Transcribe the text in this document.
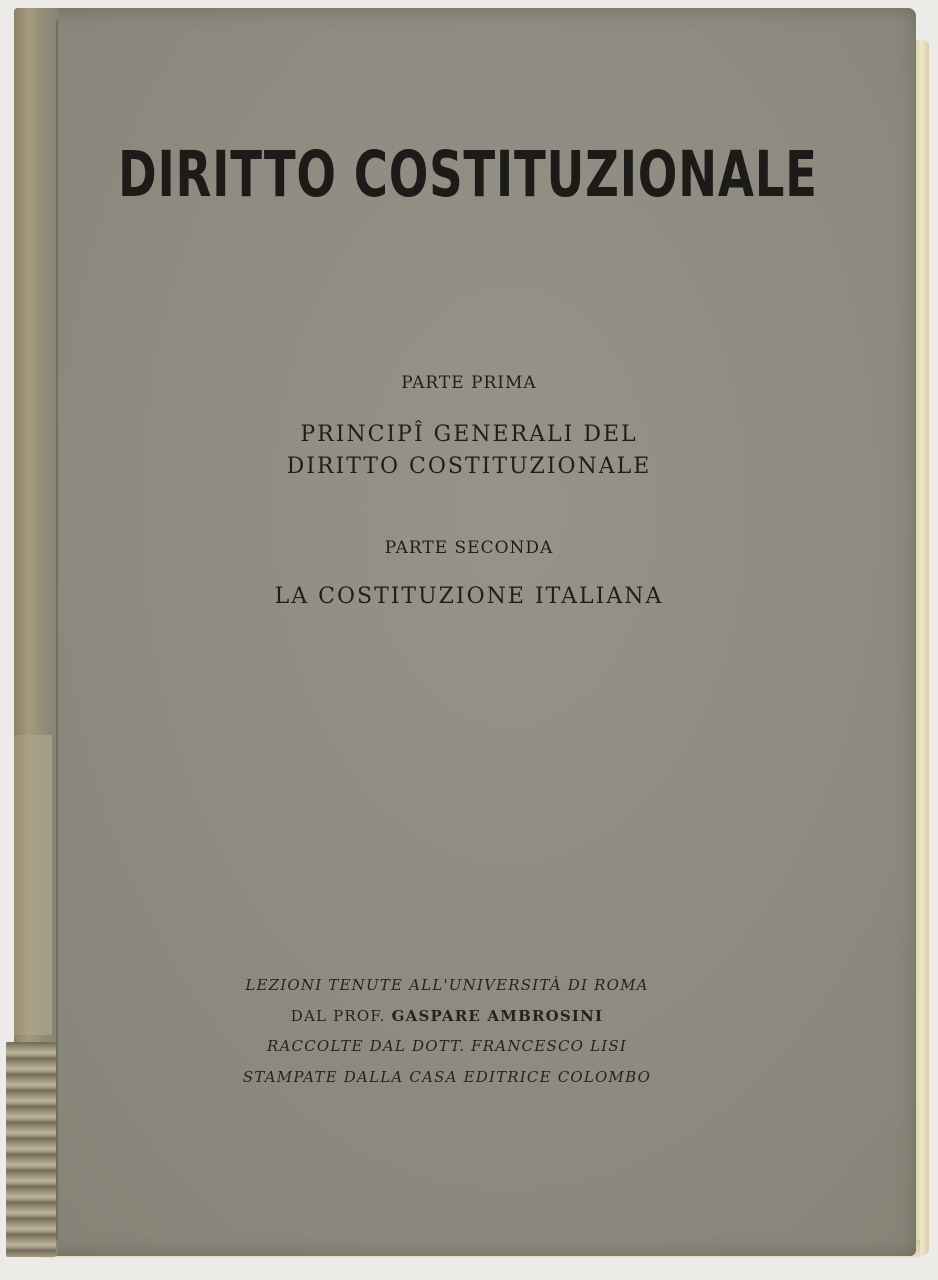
DIRITTO COSTITUZIONALE
PARTE PRIMA
PRINCIPÎ GENERALI DEL
DIRITTO COSTITUZIONALE
PARTE SECONDA
LA COSTITUZIONE ITALIANA
LEZIONI TENUTE ALL'UNIVERSITÀ DI ROMA
DAL PROF. GASPARE AMBROSINI
RACCOLTE DAL DOTT. FRANCESCO LISI
STAMPATE DALLA CASA EDITRICE COLOMBO
